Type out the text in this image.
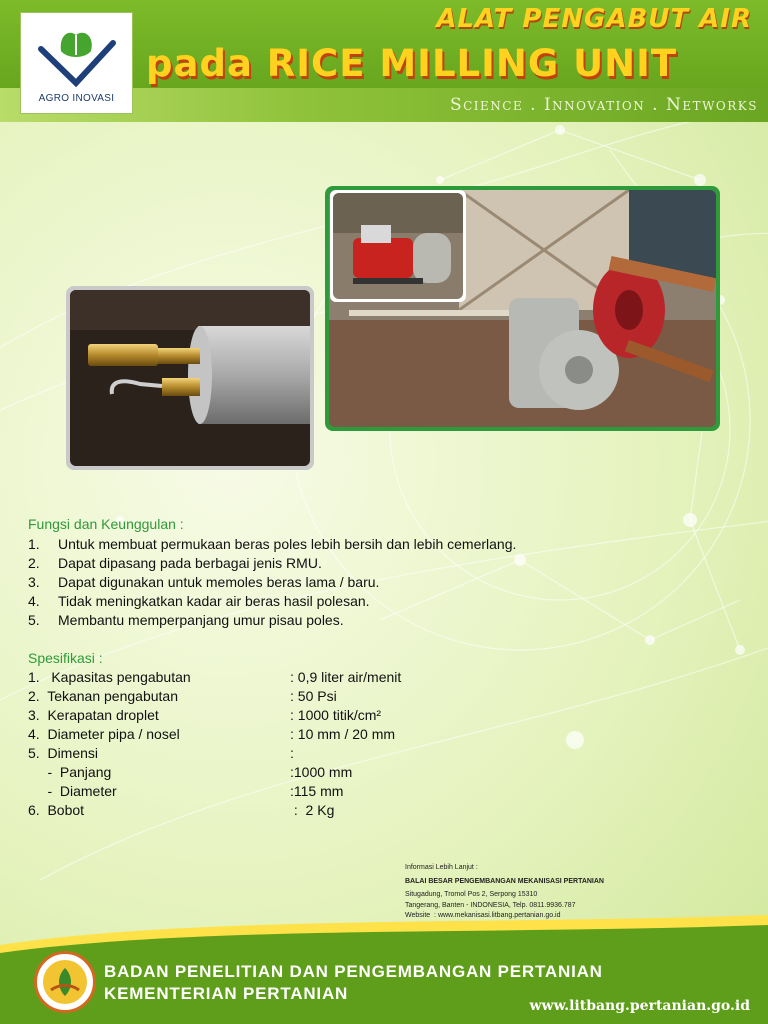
AGRO INOVASI
ALAT PENGABUT AIR
pada RICE MILLING UNIT
Science . Innovation . Networks
Fungsi dan Keunggulan :
1. Untuk membuat permukaan beras poles lebih bersih dan lebih cemerlang.
2. Dapat dipasang pada berbagai jenis RMU.
3. Dapat digunakan untuk memoles beras lama / baru.
4. Tidak meningkatkan kadar air beras hasil polesan.
5. Membantu memperpanjang umur pisau poles.
Spesifikasi :
1.   Kapasitas pengabutan	: 0,9 liter air/menit
2.  Tekanan pengabutan	: 50 Psi
3.  Kerapatan droplet	: 1000 titik/cm²
4.  Diameter pipa / nosel	: 10 mm / 20 mm
5.  Dimensi	:
-  Panjang	:1000 mm
-  Diameter	:115 mm
6.  Bobot	:  2 Kg
Informasi Lebih Lanjut :
BALAI BESAR PENGEMBANGAN MEKANISASI PERTANIAN
Situgadung, Tromol Pos 2, Serpong 15310
Tangerang, Banten - INDONESIA, Telp. 0811.9936.787
Website  : www.mekanisasi.litbang.pertanian.go.id
BADAN PENELITIAN DAN PENGEMBANGAN PERTANIAN
KEMENTERIAN PERTANIAN
www.litbang.pertanian.go.id
